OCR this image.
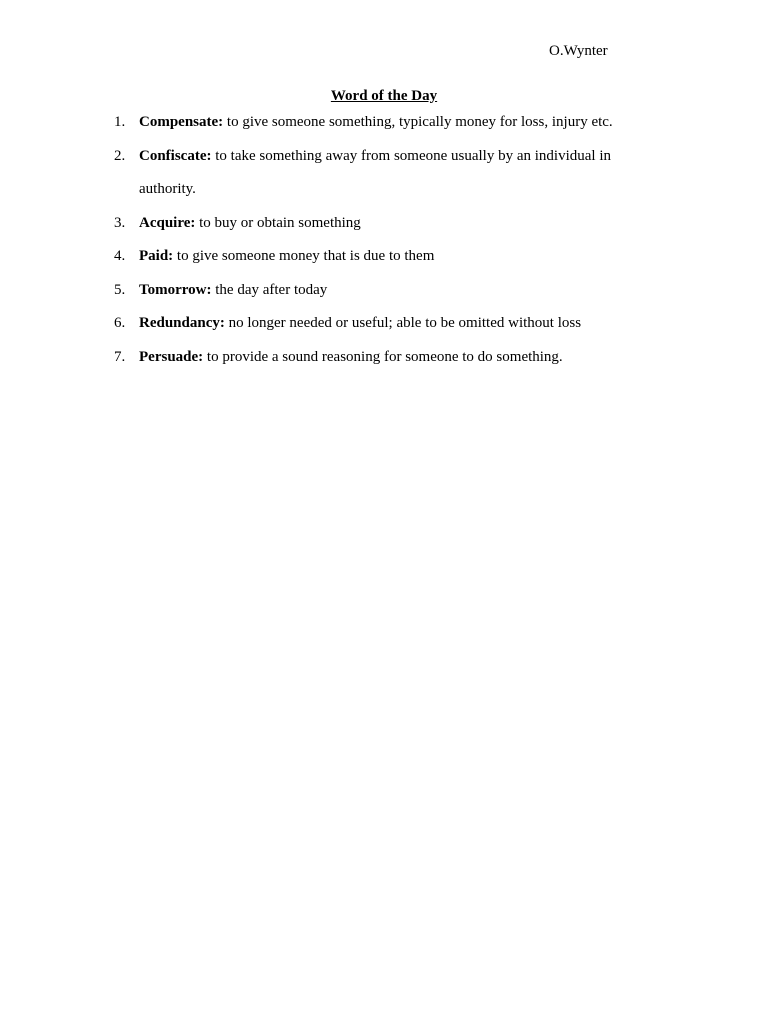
O.Wynter
Word of the Day
1. Compensate: to give someone something, typically money for loss, injury etc.
2. Confiscate: to take something away from someone usually by an individual in authority.
3. Acquire: to buy or obtain something
4. Paid: to give someone money that is due to them
5. Tomorrow: the day after today
6. Redundancy: no longer needed or useful; able to be omitted without loss
7. Persuade: to provide a sound reasoning for someone to do something.
